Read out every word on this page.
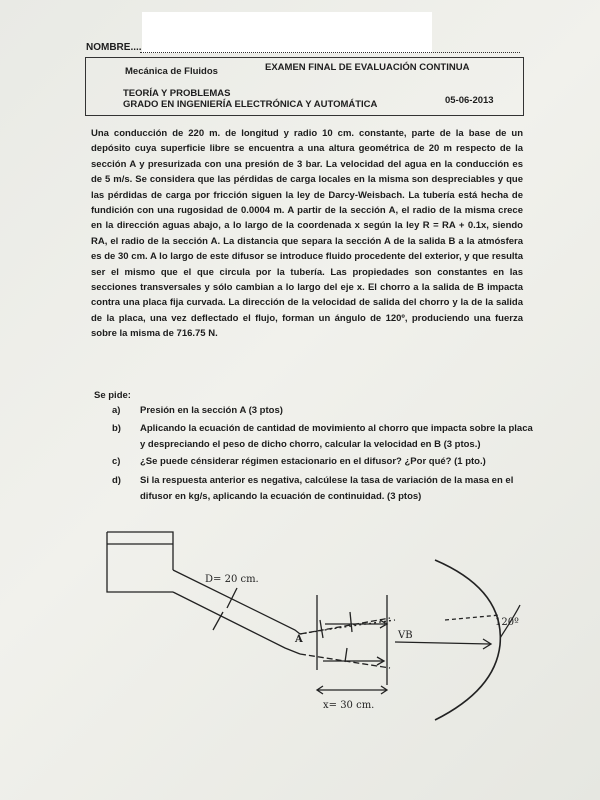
NOMBRE....
Mecánica de Fluidos	EXAMEN FINAL DE EVALUACIÓN CONTINUA
TEORÍA Y PROBLEMAS
GRADO EN INGENIERÍA ELECTRÓNICA Y AUTOMÁTICA	05-06-2013
Una conducción de 220 m. de longitud y radio 10 cm. constante, parte de la base de un depósito cuya superficie libre se encuentra a una altura geométrica de 20 m respecto de la sección A y presurizada con una presión de 3 bar. La velocidad del agua en la conducción es de 5 m/s. Se considera que las pérdidas de carga locales en la misma son despreciables y que las pérdidas de carga por fricción siguen la ley de Darcy-Weisbach. La tubería está hecha de fundición con una rugosidad de 0.0004 m. A partir de la sección A, el radio de la misma crece en la dirección aguas abajo, a lo largo de la coordenada x según la ley R = RA + 0.1x, siendo RA, el radio de la sección A. La distancia que separa la sección A de la salida B a la atmósfera es de 30 cm. A lo largo de este difusor se introduce fluido procedente del exterior, y que resulta ser el mismo que el que circula por la tubería. Las propiedades son constantes en las secciones transversales y sólo cambian a lo largo del eje x. El chorro a la salida de B impacta contra una placa fija curvada. La dirección de la velocidad de salida del chorro y la de la salida de la placa, una vez deflectado el flujo, forman un ángulo de 120º, produciendo una fuerza sobre la misma de 716.75 N.
Se pide:
a) Presión en la sección A (3 ptos)
b) Aplicando la ecuación de cantidad de movimiento al chorro que impacta sobre la placa y despreciando el peso de dicho chorro, calcular la velocidad en B (3 ptos.)
c) ¿Se puede cénsiderar régimen estacionario en el difusor? ¿Por qué? (1 pto.)
d) Si la respuesta anterior es negativa, calcúlese la tasa de variación de la masa en el difusor en kg/s, aplicando la ecuación de continuidad. (3 ptos)
D= 20 cm.
A	VB
120º
x= 30 cm.
